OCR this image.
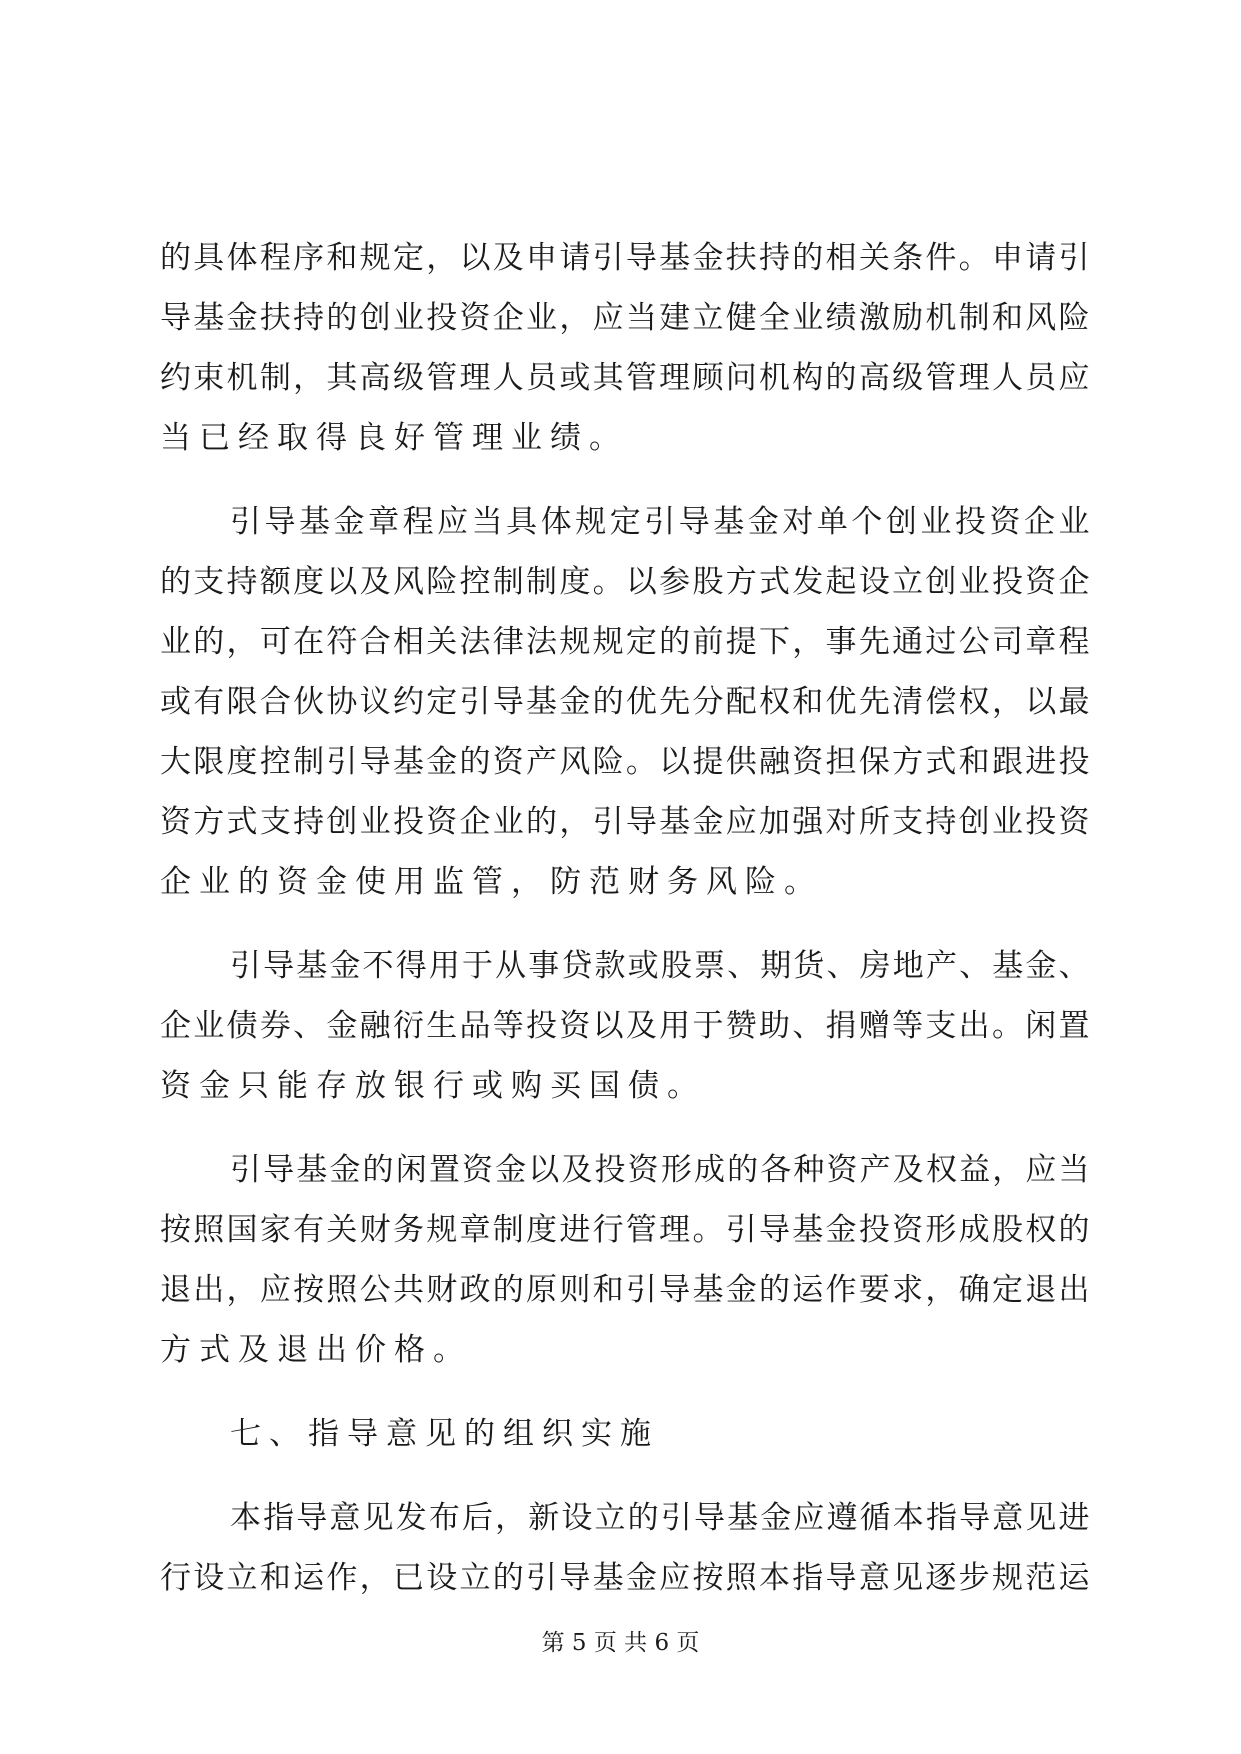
的具体程序和规定，以及申请引导基金扶持的相关条件。申请引
导基金扶持的创业投资企业，应当建立健全业绩激励机制和风险
约束机制，其高级管理人员或其管理顾问机构的高级管理人员应
当已经取得良好管理业绩。
引导基金章程应当具体规定引导基金对单个创业投资企业
的支持额度以及风险控制制度。以参股方式发起设立创业投资企
业的，可在符合相关法律法规规定的前提下，事先通过公司章程
或有限合伙协议约定引导基金的优先分配权和优先清偿权，以最
大限度控制引导基金的资产风险。以提供融资担保方式和跟进投
资方式支持创业投资企业的，引导基金应加强对所支持创业投资
企业的资金使用监管，防范财务风险。
引导基金不得用于从事贷款或股票、期货、房地产、基金、
企业债券、金融衍生品等投资以及用于赞助、捐赠等支出。闲置
资金只能存放银行或购买国债。
引导基金的闲置资金以及投资形成的各种资产及权益，应当
按照国家有关财务规章制度进行管理。引导基金投资形成股权的
退出，应按照公共财政的原则和引导基金的运作要求，确定退出
方式及退出价格。
七、指导意见的组织实施
本指导意见发布后，新设立的引导基金应遵循本指导意见进
行设立和运作，已设立的引导基金应按照本指导意见逐步规范运
第 5 页 共 6 页
